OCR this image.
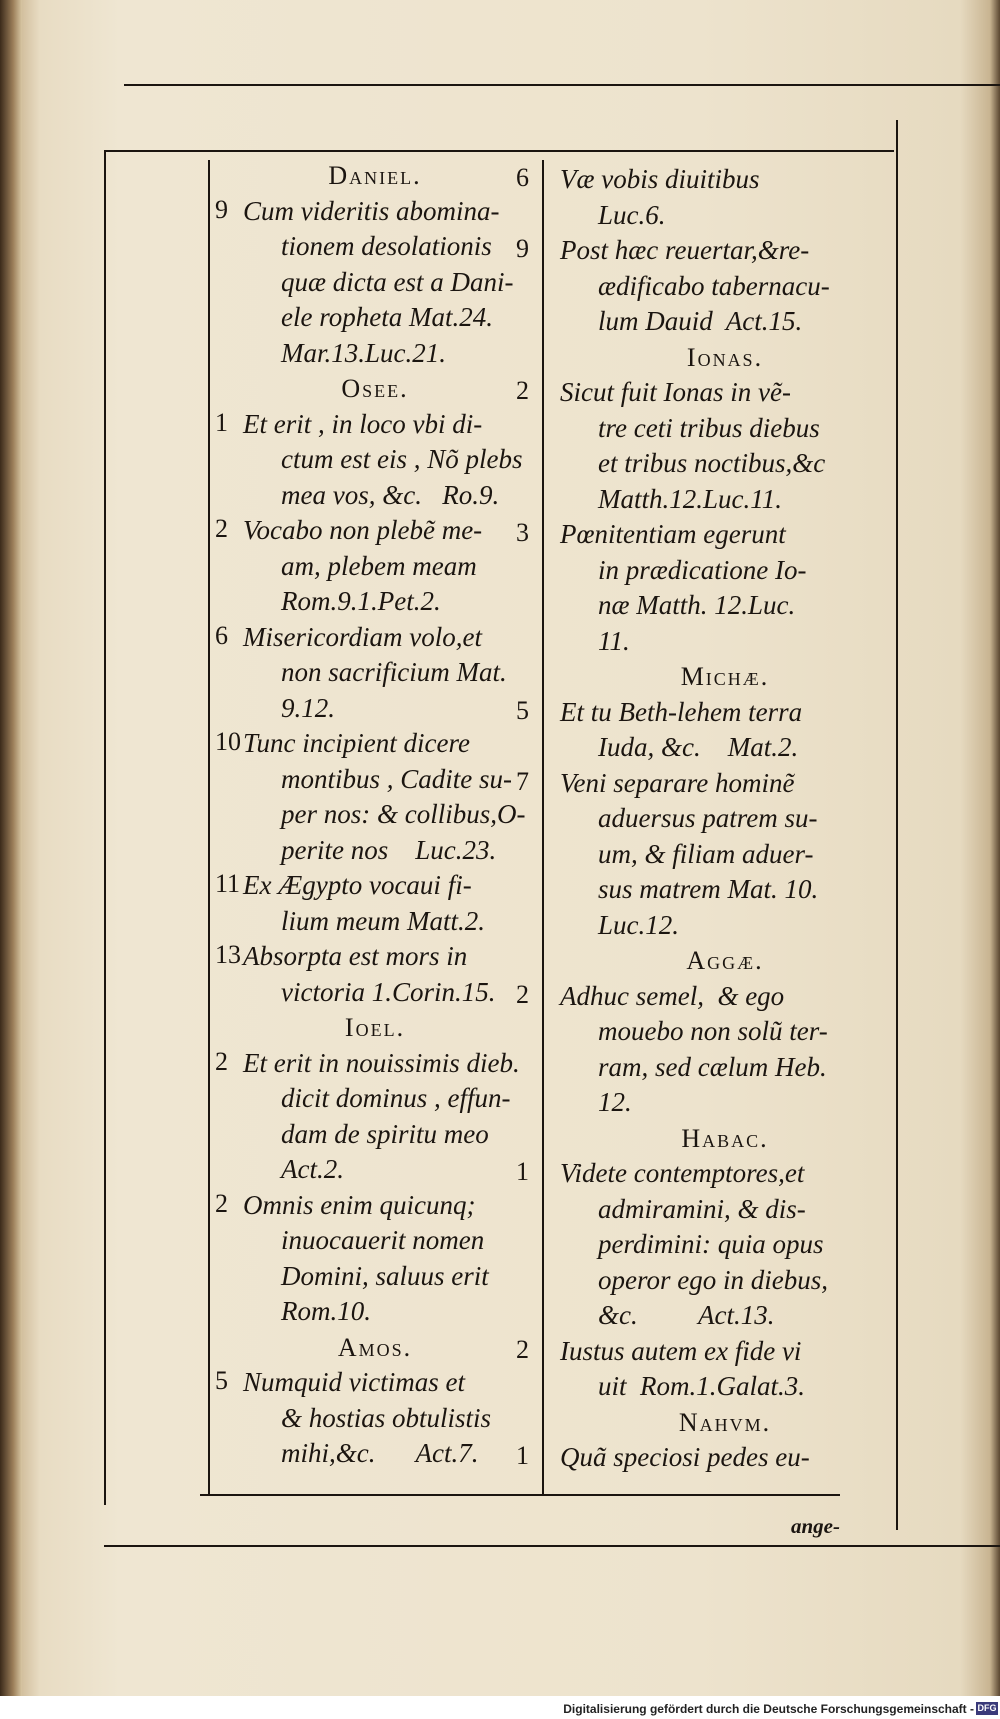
Daniel.
9 Cum videritis abomina-
tionem desolationis
quæ dicta est a Dani-
ele ropheta Mat.24.
Mar.13.Luc.21.
Osee.
1 Et erit , in loco vbi di-
ctum est eis , Nõ plebs
mea vos, &c.   Ro.9.
2 Vocabo non plebẽ me-
am, plebem meam
Rom.9.1.Pet.2.
6 Misericordiam volo,et
non sacrificium Mat.
9.12.
10 Tunc incipient dicere
montibus , Cadite su-
per nos: & collibus,O-
perite nos    Luc.23.
11 Ex Ægypto vocaui fi-
lium meum Matt.2.
13 Absorpta est mors in
victoria 1.Corin.15.
Ioel.
2 Et erit in nouissimis dieb.
dicit dominus , effun-
dam de spiritu meo
Act.2.
2 Omnis enim quicunq;
inuocauerit nomen
Domini, saluus erit
Rom.10.
Amos.
5 Numquid victimas et
& hostias obtulistis
mihi,&c.      Act.7.
6 Væ vobis diuitibus
Luc.6.
9 Post hæc reuertar,&re-
ædificabo tabernacu-
lum Dauid  Act.15.
Ionas.
2 Sicut fuit Ionas in vẽ-
tre ceti tribus diebus
et tribus noctibus,&c
Matth.12.Luc.11.
3 Pœnitentiam egerunt
in prædicatione Io-
næ Matth. 12.Luc.
11.
Michæ.
5 Et tu Beth-lehem terra
Iuda, &c.    Mat.2.
7 Veni separare hominẽ
aduersus patrem su-
um, & filiam aduer-
sus matrem Mat. 10.
Luc.12.
Aggæ.
2 Adhuc semel,  & ego
mouebo non solũ ter-
ram, sed cælum Heb.
12.
Habac.
1 Videte contemptores,et
admiramini, & dis-
perdimini: quia opus
operor ego in diebus,
&c.         Act.13.
2 Iustus autem ex fide vi
uit  Rom.1.Galat.3.
Nahvm.
1 Quã speciosi pedes eu-
ange-
Digitalisierung gefördert durch die Deutsche Forschungsgemeinschaft - DFG
